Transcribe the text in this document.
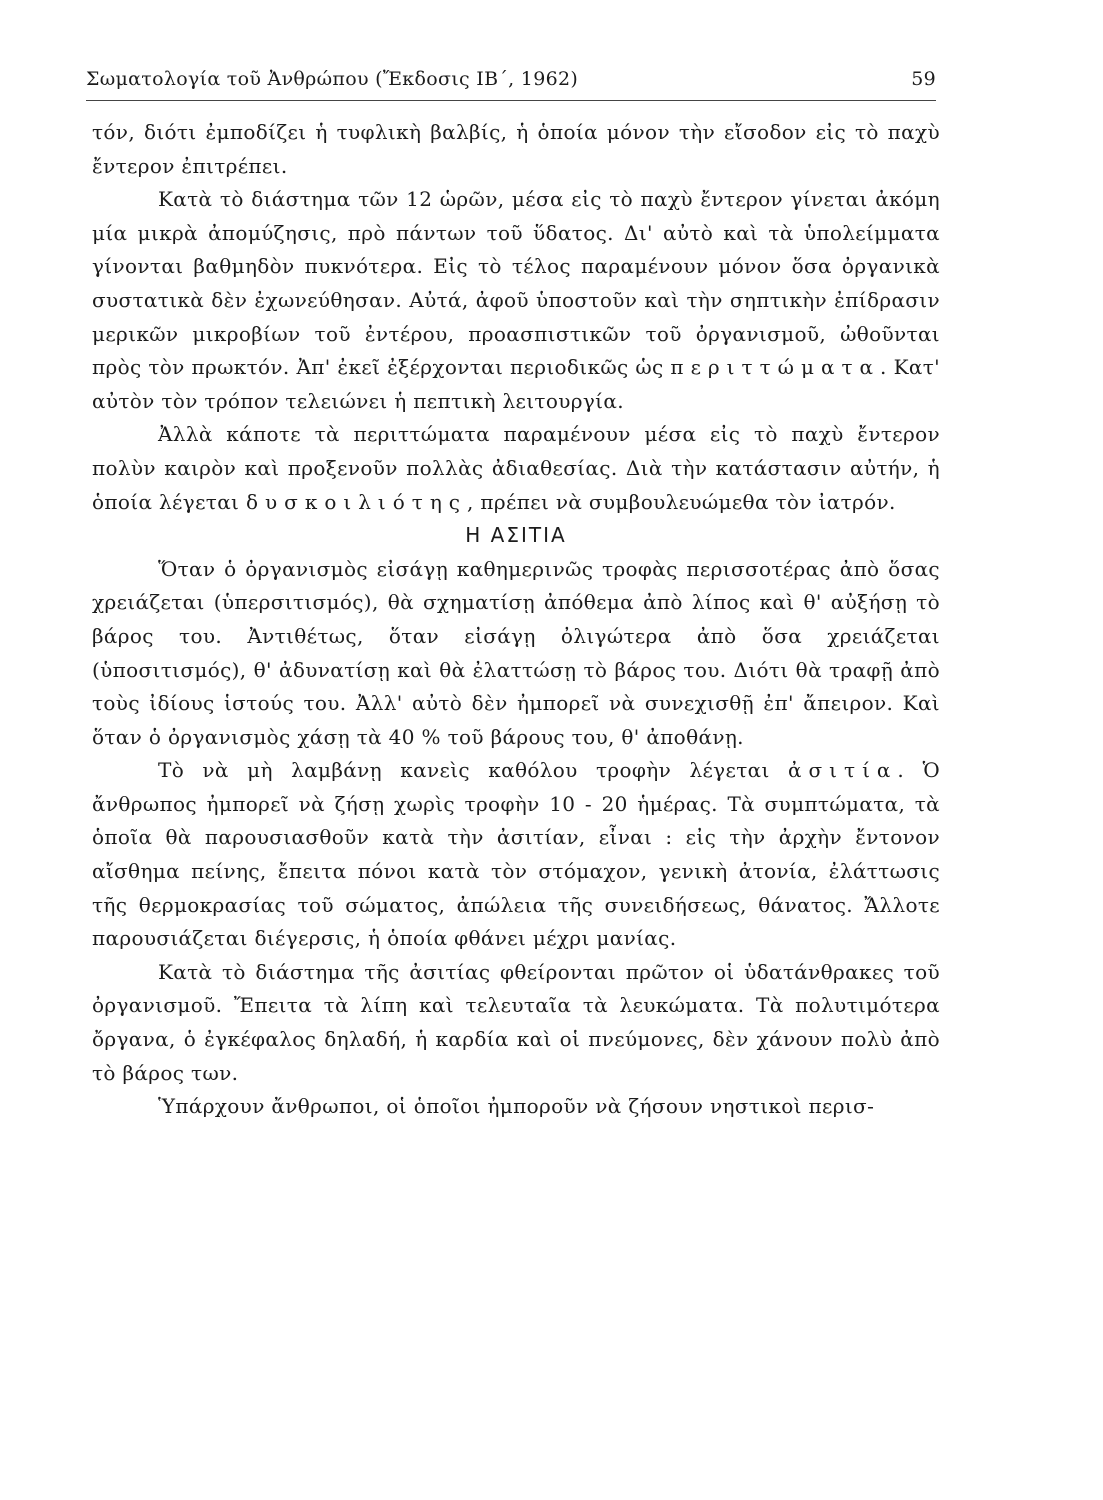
Σωματολογία τοῦ Ἀνθρώπου (Ἔκδοσις ΙΒ΄, 1962)	59

τόν, διότι ἐμποδίζει ἡ τυφλικὴ βαλβίς, ἡ ὁποία μόνον τὴν εἴσοδον εἰς τὸ παχὺ ἔντερον ἐπιτρέπει.

Κατὰ τὸ διάστημα τῶν 12 ὡρῶν, μέσα εἰς τὸ παχὺ ἔντερον γίνεται ἀκόμη μία μικρὰ ἀπομύζησις, πρὸ πάντων τοῦ ὕδατος. Δι' αὐτὸ καὶ τὰ ὑπολείμματα γίνονται βαθμηδὸν πυκνότερα. Εἰς τὸ τέλος παραμένουν μόνον ὅσα ὀργανικὰ συστατικὰ δὲν ἐχωνεύθησαν. Αὐτά, ἀφοῦ ὑποστοῦν καὶ τὴν σηπτικὴν ἐπίδρασιν μερικῶν μικροβίων τοῦ ἐντέρου, προασπιστικῶν τοῦ ὀργανισμοῦ, ὠθοῦνται πρὸς τὸν πρωκτόν. Ἀπ' ἐκεῖ ἐξέρχονται περιοδικῶς ὡς περιττώματα. Κατ' αὐτὸν τὸν τρόπον τελειώνει ἡ πεπτικὴ λειτουργία.

Ἀλλὰ κάποτε τὰ περιττώματα παραμένουν μέσα εἰς τὸ παχὺ ἔντερον πολὺν καιρὸν καὶ προξενοῦν πολλὰς ἀδιαθεσίας. Διὰ τὴν κατάστασιν αὐτήν, ἡ ὁποία λέγεται δυσκοιλιότης, πρέπει νὰ συμβουλευώμεθα τὸν ἰατρόν.

Η ΑΣΙΤΙΑ

Ὅταν ὁ ὀργανισμὸς εἰσάγῃ καθημερινῶς τροφὰς περισσοτέρας ἀπὸ ὅσας χρειάζεται (ὑπερσιτισμός), θὰ σχηματίσῃ ἀπόθεμα ἀπὸ λίπος καὶ θ' αὐξήσῃ τὸ βάρος του. Ἀντιθέτως, ὅταν εἰσάγῃ ὀλιγώτερα ἀπὸ ὅσα χρειάζεται (ὑποσιτισμός), θ' ἀδυνατίσῃ καὶ θὰ ἐλαττώσῃ τὸ βάρος του. Διότι θὰ τραφῇ ἀπὸ τοὺς ἰδίους ἱστούς του. Ἀλλ' αὐτὸ δὲν ἠμπορεῖ νὰ συνεχισθῇ ἐπ' ἄπειρον. Καὶ ὅταν ὁ ὀργανισμὸς χάσῃ τὰ 40 % τοῦ βάρους του, θ' ἀποθάνῃ.

Τὸ νὰ μὴ λαμβάνῃ κανεὶς καθόλου τροφὴν λέγεται ἀσιτία. Ὁ ἄνθρωπος ἠμπορεῖ νὰ ζήσῃ χωρὶς τροφὴν 10 - 20 ἡμέρας. Τὰ συμπτώματα, τὰ ὁποῖα θὰ παρουσιασθοῦν κατὰ τὴν ἀσιτίαν, εἶναι : εἰς τὴν ἀρχὴν ἔντονον αἴσθημα πείνης, ἔπειτα πόνοι κατὰ τὸν στόμαχον, γενικὴ ἀτονία, ἐλάττωσις τῆς θερμοκρασίας τοῦ σώματος, ἀπώλεια τῆς συνειδήσεως, θάνατος. Ἄλλοτε παρουσιάζεται διέγερσις, ἡ ὁποία φθάνει μέχρι μανίας.

Κατὰ τὸ διάστημα τῆς ἀσιτίας φθείρονται πρῶτον οἱ ὑδατάνθρακες τοῦ ὀργανισμοῦ. Ἔπειτα τὰ λίπη καὶ τελευταῖα τὰ λευκώματα. Τὰ πολυτιμότερα ὄργανα, ὁ ἐγκέφαλος δηλαδή, ἡ καρδία καὶ οἱ πνεύμονες, δὲν χάνουν πολὺ ἀπὸ τὸ βάρος των.

Ὑπάρχουν ἄνθρωποι, οἱ ὁποῖοι ἠμποροῦν νὰ ζήσουν νηστικοὶ περισ-
